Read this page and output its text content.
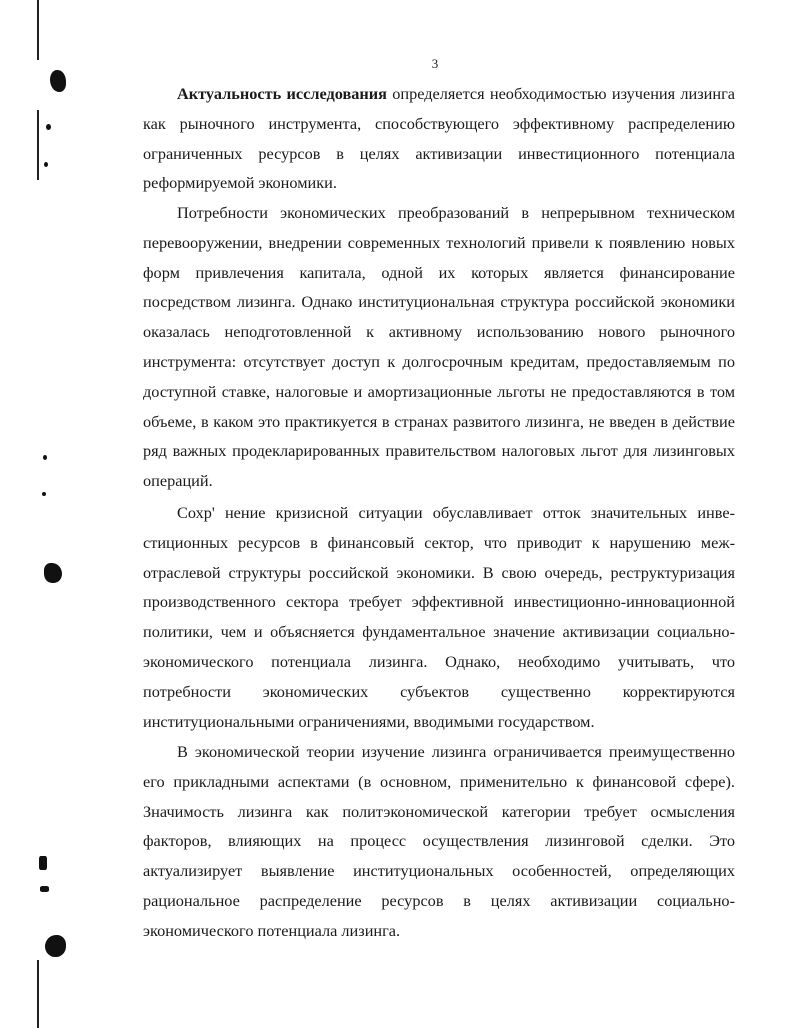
3

Актуальность исследования определяется необходимостью изучения лизинга как рыночного инструмента, способствующего эффективному распределению ограниченных ресурсов в целях активизации инвестиционного потенциала реформируемой экономики.

Потребности экономических преобразований в непрерывном техническом перевооружении, внедрении современных технологий привели к появлению новых форм привлечения капитала, одной их которых является финансирование посредством лизинга. Однако институциональная структура российской экономики оказалась неподготовленной к активному использованию нового рыночного инструмента: отсутствует доступ к долгосрочным кредитам, предоставляемым по доступной ставке, налоговые и амортизационные льготы не предоставляются в том объеме, в каком это практикуется в странах развитого лизинга, не введен в действие ряд важных продекларированных правительством налоговых льгот для лизинговых операций.

Сохр' нение кризисной ситуации обуславливает отток значительных инвестиционных ресурсов в финансовый сектор, что приводит к нарушению межотраслевой структуры российской экономики. В свою очередь, реструктуризация производственного сектора требует эффективной инвестиционно-инновационной политики, чем и объясняется фундаментальное значение активизации социально-экономического потенциала лизинга. Однако, необходимо учитывать, что потребности экономических субъектов существенно корректируются институциональными ограничениями, вводимыми государством.

В экономической теории изучение лизинга ограничивается преимущественно его прикладными аспектами (в основном, применительно к финансовой сфере). Значимость лизинга как политэкономической категории требует осмысления факторов, влияющих на процесс осуществления лизинговой сделки. Это актуализирует выявление институциональных особенностей, определяющих рациональное распределение ресурсов в целях активизации социально-экономического потенциала лизинга.
